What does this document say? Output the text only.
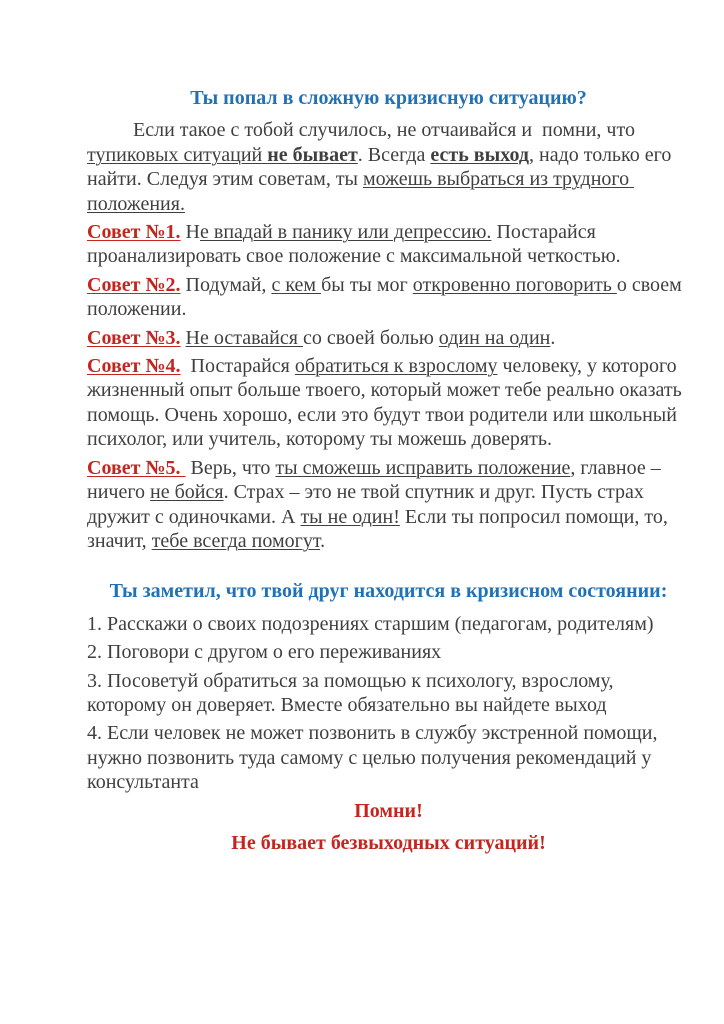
Ты попал в сложную кризисную ситуацию?
Если такое с тобой случилось, не отчаивайся и  помни, что тупиковых ситуаций не бывает. Всегда есть выход, надо только его найти. Следуя этим советам, ты можешь выбраться из трудного положения.
Совет №1. Не впадай в панику или депрессию. Постарайся проанализировать свое положение с максимальной четкостью.
Совет №2. Подумай, с кем бы ты мог откровенно поговорить о своем положении.
Совет №3. Не оставайся со своей болью один на один.
Совет №4.  Постарайся обратиться к взрослому человеку, у которого жизненный опыт больше твоего, который может тебе реально оказать помощь. Очень хорошо, если это будут твои родители или школьный психолог, или учитель, которому ты можешь доверять.
Совет №5.  Верь, что ты сможешь исправить положение, главное – ничего не бойся. Страх – это не твой спутник и друг. Пусть страх дружит с одиночками. А ты не один! Если ты попросил помощи, то, значит, тебе всегда помогут.
Ты заметил, что твой друг находится в кризисном состоянии:
1. Расскажи о своих подозрениях старшим (педагогам, родителям)
2. Поговори с другом о его переживаниях
3. Посоветуй обратиться за помощью к психологу, взрослому, которому он доверяет. Вместе обязательно вы найдете выход
4. Если человек не может позвонить в службу экстренной помощи, нужно позвонить туда самому с целью получения рекомендаций у консультанта
Помни!
Не бывает безвыходных ситуаций!
